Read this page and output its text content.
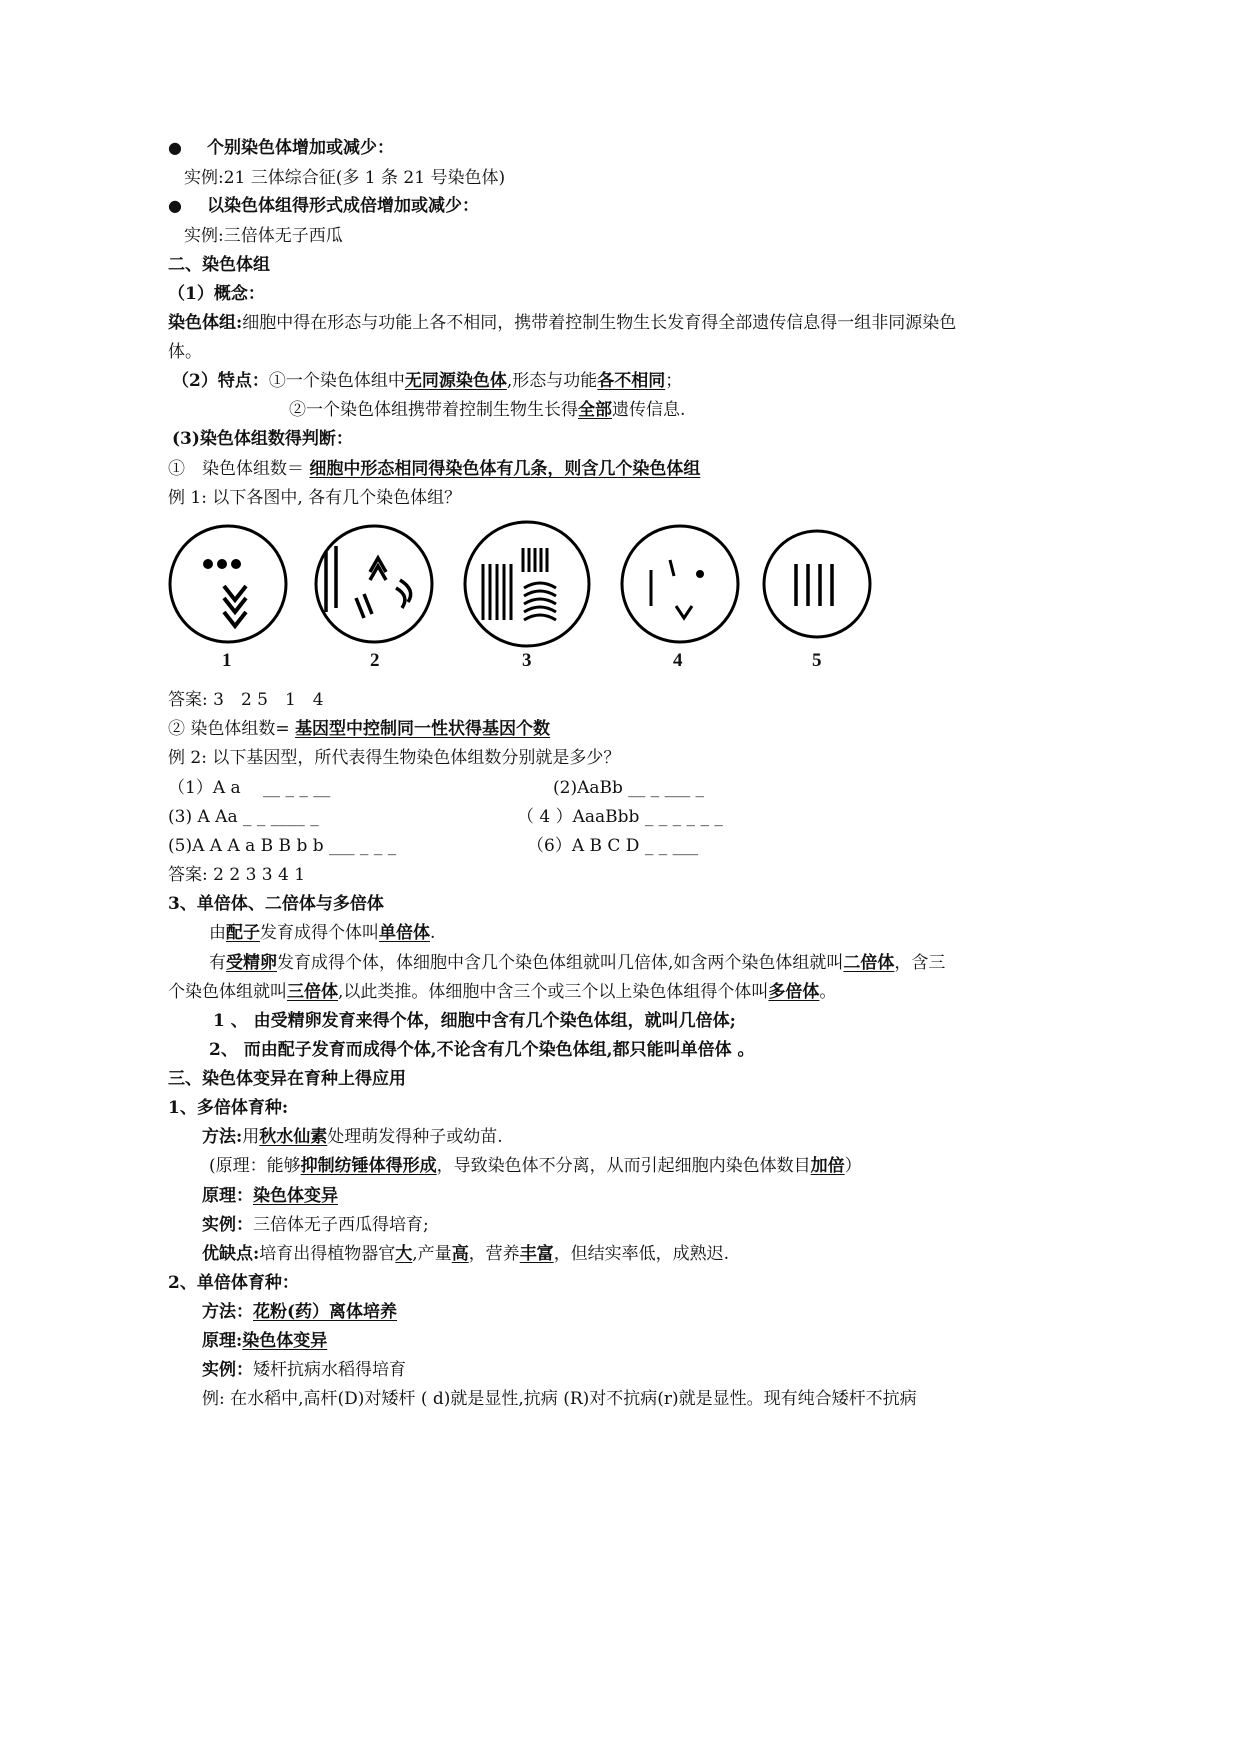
● 个别染色体增加或减少：
实例:21 三体综合征(多 1 条 21 号染色体)
● 以染色体组得形式成倍增加或减少：
实例:三倍体无子西瓜
二、染色体组
（1）概念：
染色体组:细胞中得在形态与功能上各不相同，携带着控制生物生长发育得全部遗传信息得一组非同源染色
体。
（2）特点：①一个染色体组中无同源染色体,形态与功能各不相同；
②一个染色体组携带着控制生物生长得全部遗传信息.
(3)染色体组数得判断：
①　染色体组数＝ 细胞中形态相同得染色体有几条，则含几个染色体组
例 1: 以下各图中, 各有几个染色体组？
1	2	3	4	5
答案: 3　2 5　1　4
② 染色体组数= 基因型中控制同一性状得基因个数
例 2: 以下基因型，所代表得生物染色体组数分别就是多少？
（1）A a　 __ _ _ __	(2)AaBb __ _ ___ _
(3) A Aa _ _ ____ _	（ 4 ）AaaBbb _ _ _ _ _ _
(5)A A A a B B b b ___ _ _ _	（6）A B C D _ _ ___
答案: 2 2 3 3 4 1
3、单倍体、二倍体与多倍体
由配子发育成得个体叫单倍体.
有受精卵发育成得个体，体细胞中含几个染色体组就叫几倍体,如含两个染色体组就叫二倍体，含三
个染色体组就叫三倍体,以此类推。体细胞中含三个或三个以上染色体组得个体叫多倍体。
1 、 由受精卵发育来得个体，细胞中含有几个染色体组，就叫几倍体;
2、 而由配子发育而成得个体,不论含有几个染色体组,都只能叫单倍体 。
三、染色体变异在育种上得应用
1、多倍体育种:
方法:用秋水仙素处理萌发得种子或幼苗.
(原理：能够抑制纺锤体得形成，导致染色体不分离，从而引起细胞内染色体数目加倍）
原理：染色体变异
实例：三倍体无子西瓜得培育;
优缺点:培育出得植物器官大,产量高，营养丰富，但结实率低，成熟迟.
2、单倍体育种：
方法：花粉(药）离体培养
原理:染色体变异
实例：矮杆抗病水稻得培育
例: 在水稻中,高杆(D)对矮杆 ( d)就是显性,抗病 (R)对不抗病(r)就是显性。现有纯合矮杆不抗病
